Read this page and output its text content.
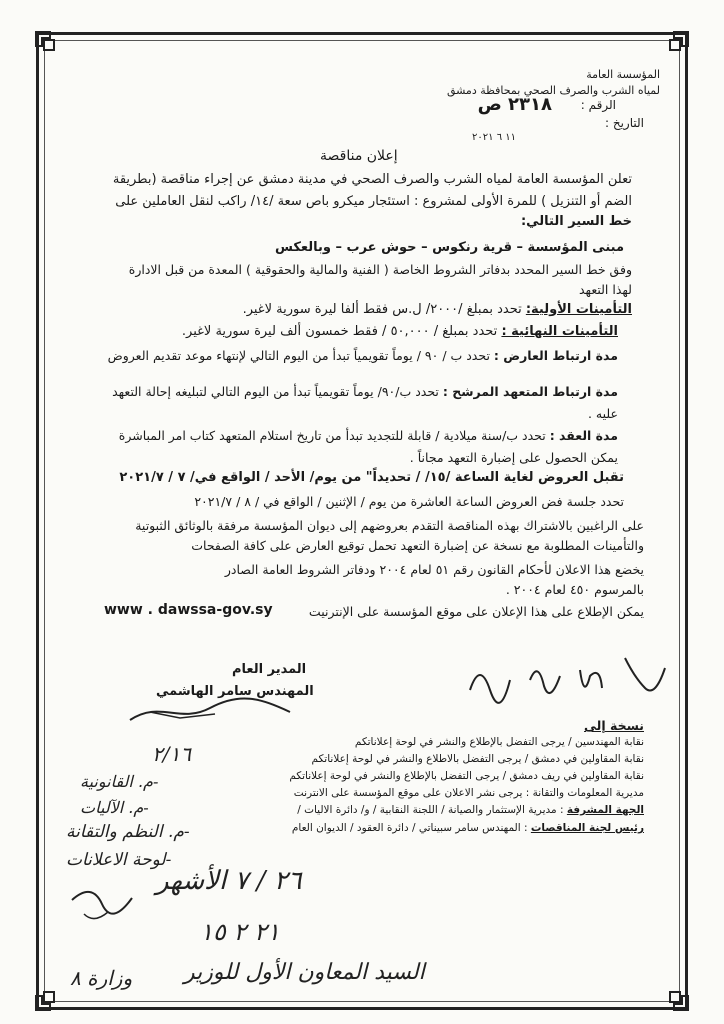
المؤسسة العامة
لمياه الشرب والصرف الصحي بمحافظة دمشق
الرقم :
٢٣١٨ ص
التاريخ :
١١ ٦ ٢٠٢١
إعلان مناقصة
تعلن المؤسسة العامة لمياه الشرب والصرف الصحي في مدينة دمشق عن إجراء مناقصة (بطريقة
الضم أو التنزيل ) للمرة الأولى لمشروع : استئجار ميكرو باص سعة /١٤/ راكب لنقل العاملين على
خط السير التالي:
مبنى المؤسسة – قرية رنكوس – حوش عرب – وبالعكس
وفق خط السير المحدد بدفاتر الشروط الخاصة ( الفنية والمالية والحقوقية ) المعدة من قبل الادارة
لهذا التعهد
التأمينات الأولية: تحدد بمبلغ /٢٠٠٠/ ل.س فقط ألفا ليرة سورية لاغير.
التأمينات النهائية : تحدد بمبلغ / ٥٠,٠٠٠ / فقط خمسون ألف ليرة سورية لاغير.
مدة ارتباط العارض : تحدد ب / ٩٠ / يوماً تقويمياً تبدأ من اليوم التالي لإنتهاء موعد تقديم العروض
مدة ارتباط المتعهد المرشح : تحدد ب/٩٠/ يوماً تقويمياً تبدأ من اليوم التالي لتبليغه إحالة التعهد
عليه .
مدة العقد : تحدد ب/سنة ميلادية / قابلة للتجديد تبدأ من تاريخ استلام المتعهد كتاب امر المباشرة
يمكن الحصول على إضبارة التعهد مجاناً .
تقبل العروض لغاية الساعة /١٥/ / تحديداً" من يوم/ الأحد / الواقع في/ ٧ / ٢٠٢١/٧
تحدد جلسة فض العروض الساعة العاشرة من يوم / الإثنين / الواقع في / ٨ / ٢٠٢١/٧
على الراغبين بالاشتراك بهذه المناقصة التقدم بعروضهم إلى ديوان المؤسسة مرفقة بالوثائق الثبوتية
والتأمينات المطلوبة مع نسخة عن إضبارة التعهد تحمل توقيع العارض على كافة الصفحات
يخضع هذا الاعلان لأحكام القانون رقم ٥١ لعام ٢٠٠٤ ودفاتر الشروط العامة الصادر
بالمرسوم ٤٥٠ لعام ٢٠٠٤ .
يمكن الإطلاع على هذا الإعلان على موقع المؤسسة على الإنترنيت
www . dawssa-gov.sy
المدير العام
المهندس سامر الهاشمي
نسخة إلى
نقابة المهندسين / يرجى التفضل بالإطلاع والنشر في لوحة إعلاناتكم
نقابة المقاولين في دمشق / يرجى التفضل بالاطلاع والنشر في لوحة إعلاناتكم
نقابة المقاولين في ريف دمشق / يرجى التفضل بالإطلاع والنشر في لوحة إعلاناتكم
مديرية المعلومات والتقانة : يرجى نشر الاعلان على موقع المؤسسة على الانترنت
الجهة المشرفة : مديرية الإستثمار والصيانة / اللجنة النقابية / و/ دائرة الاليات /
رئيس لجنة المناقصات : المهندس سامر سبيناتي / دائرة العقود / الديوان العام
٢/١٦
-م. القانونية
-م. الآليات
-م. النظم والتقانة
-لوحة الاعلانات
٢٦ / ٧ الأشهر
٢١ ٢ ١٥
السيد المعاون الأول للوزير
وزارة ٨
